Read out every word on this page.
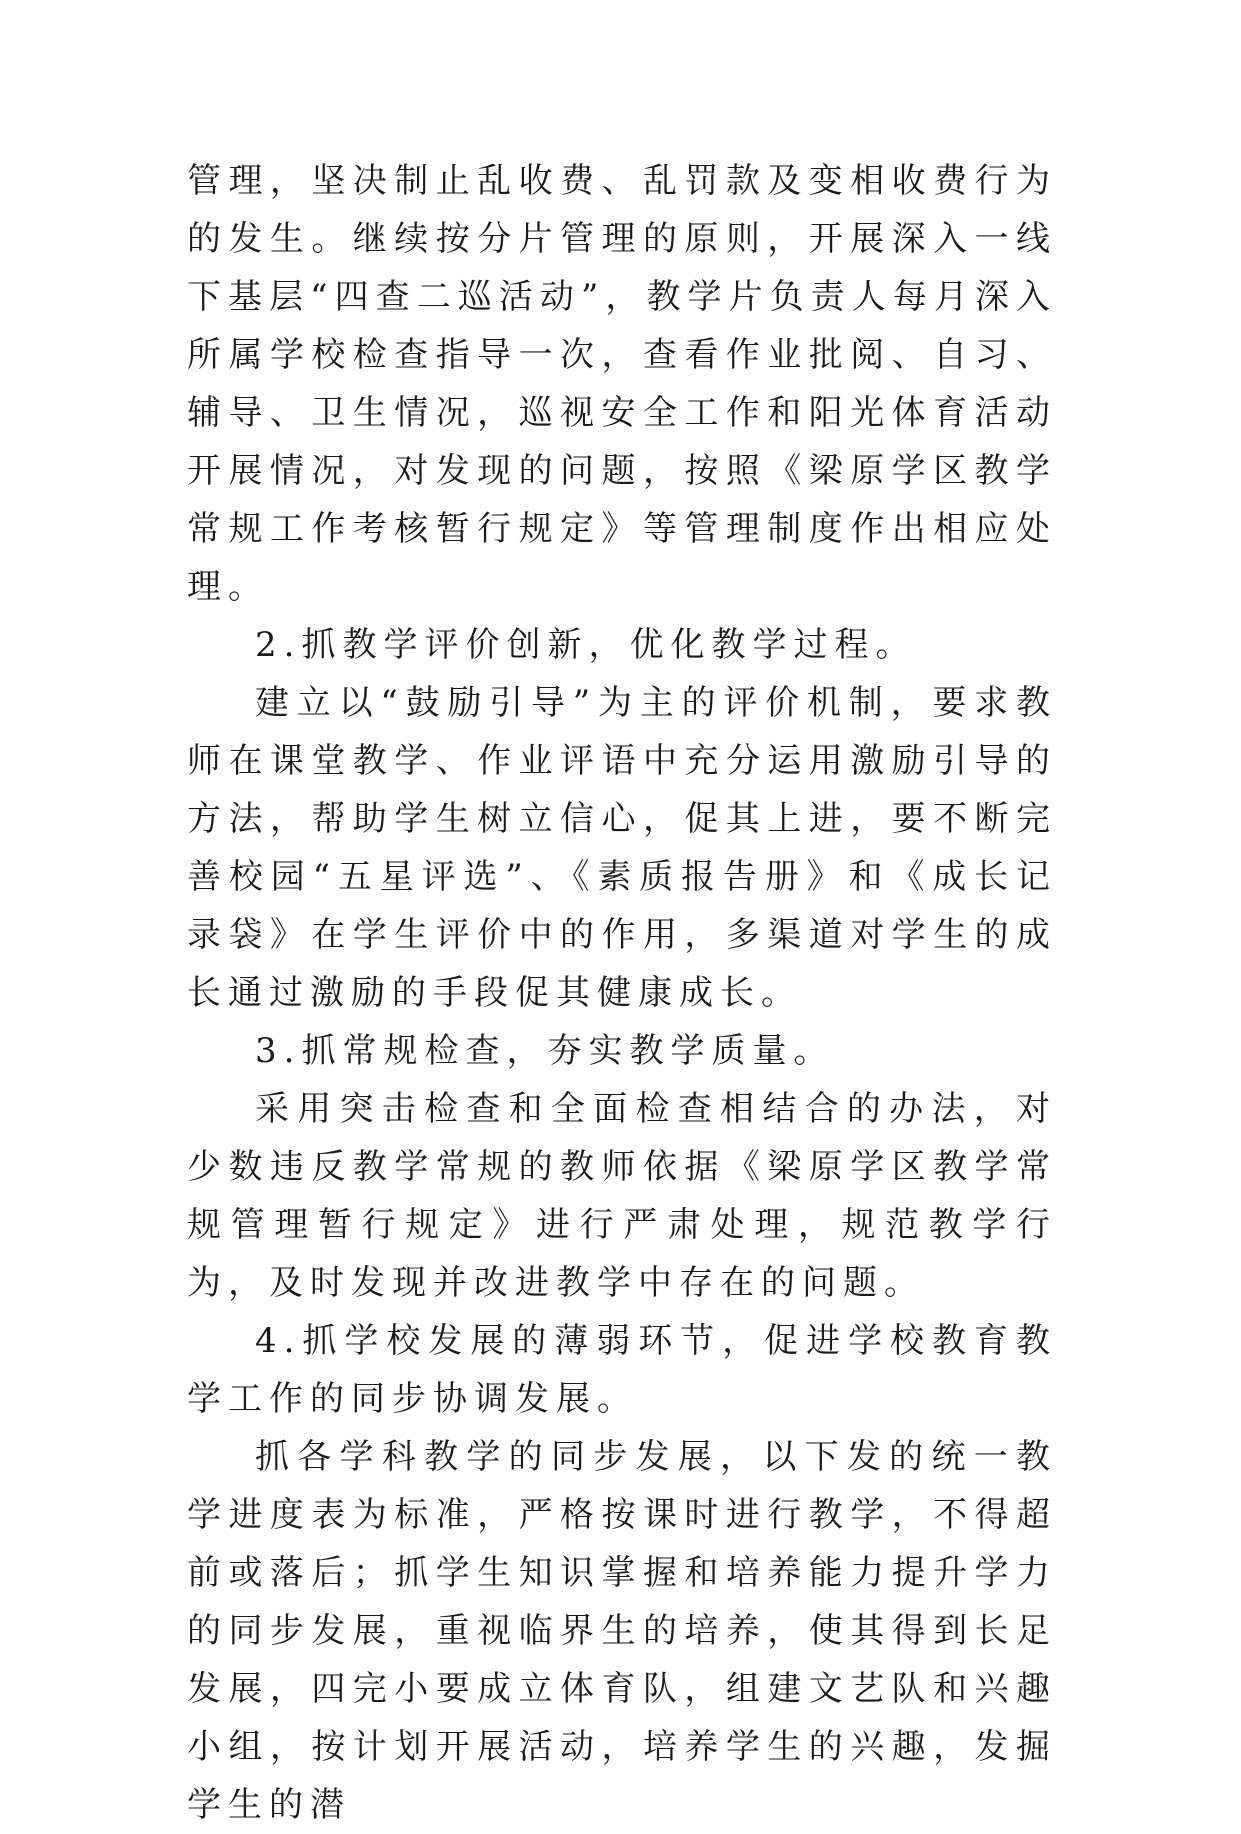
管理，坚决制止乱收费、乱罚款及变相收费行为的发生。继续按分片管理的原则，开展深入一线下基层“四查二巡活动”，教学片负责人每月深入所属学校检查指导一次，查看作业批阅、自习、辅导、卫生情况，巡视安全工作和阳光体育活动开展情况，对发现的问题，按照《梁原学区教学常规工作考核暂行规定》等管理制度作出相应处理。

2.抓教学评价创新，优化教学过程。

建立以“鼓励引导”为主的评价机制，要求教师在课堂教学、作业评语中充分运用激励引导的方法，帮助学生树立信心，促其上进，要不断完善校园“五星评选”、《素质报告册》和《成长记录袋》在学生评价中的作用，多渠道对学生的成长通过激励的手段促其健康成长。

3.抓常规检查，夯实教学质量。

采用突击检查和全面检查相结合的办法，对少数违反教学常规的教师依据《梁原学区教学常规管理暂行规定》进行严肃处理，规范教学行为，及时发现并改进教学中存在的问题。

4.抓学校发展的薄弱环节，促进学校教育教学工作的同步协调发展。

抓各学科教学的同步发展，以下发的统一教学进度表为标准，严格按课时进行教学，不得超前或落后；抓学生知识掌握和培养能力提升学力的同步发展，重视临界生的培养，使其得到长足发展，四完小要成立体育队，组建文艺队和兴趣小组，按计划开展活动，培养学生的兴趣，发掘学生的潜
